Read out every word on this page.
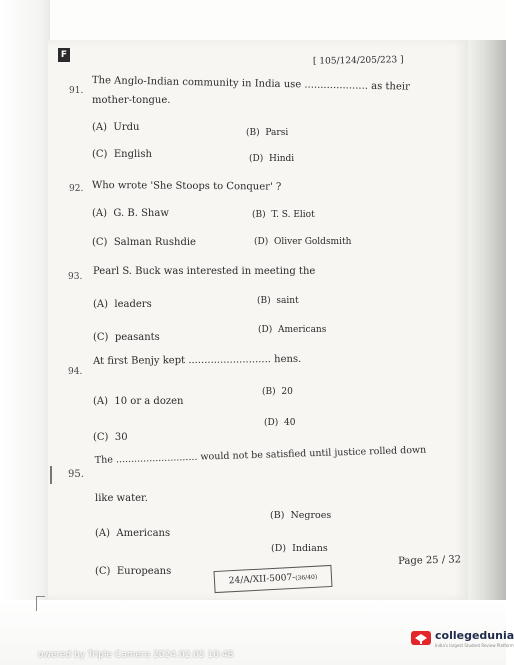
F
[ 105/124/205/223 ]
91.
The Anglo-Indian community in India use .................... as their
mother-tongue.
(A) Urdu	(B) Parsi
(C) English	(D) Hindi
92. Who wrote 'She Stoops to Conquer' ?
(A) G. B. Shaw	(B) T. S. Eliot
(C) Salman Rushdie	(D) Oliver Goldsmith
93. Pearl S. Buck was interested in meeting the
(A) leaders	(B) saint
(C) peasants
(D) Americans
94.
At first Benjy kept .......................... hens.
(A) 10 or a dozen
(B) 20
(C) 30
(D) 40
95.
The ........................... would not be satisfied until justice rolled down
like water.
(A) Americans
(B) Negroes
(C) Europeans
(D) Indians
24/A/XII-5007-(36/40)
Page 25 / 32
owered by Triple Camera 2024.02.05 10:48
collegedunia
India's largest Student Review Platform
